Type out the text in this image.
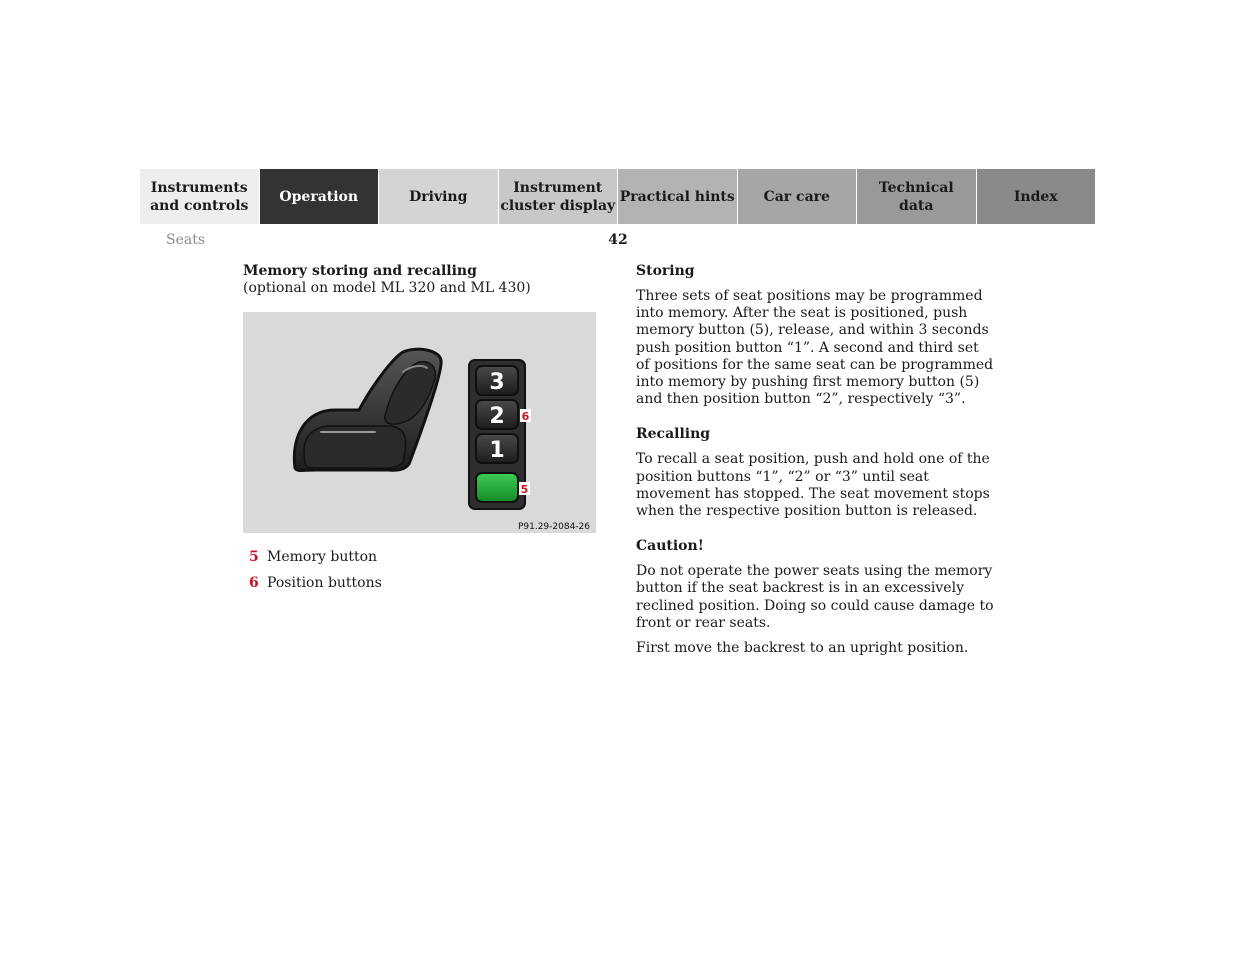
Instruments
and controls
Operation	Driving
Instrument
cluster display
Practical hints	Car care
Technical
data
Index
Seats	42

Memory storing and recalling

(optional on model ML 320 and ML 430)

3
2
1
6
5
P91.29-2084-26
5 Memory button
6 Position buttons
Storing

Three sets of seat positions may be programmed into memory. After the seat is positioned, push memory button (5), release, and within 3 seconds push position button “1”. A second and third set of positions for the same seat can be programmed into memory by pushing first memory button (5) and then position button “2”, respectively “3”.

Recalling

To recall a seat position, push and hold one of the position buttons “1”, “2” or “3” until seat movement has stopped. The seat movement stops when the respective position button is released.

Caution!

Do not operate the power seats using the memory button if the seat backrest is in an excessively reclined position. Doing so could cause damage to front or rear seats.

First move the backrest to an upright position.
